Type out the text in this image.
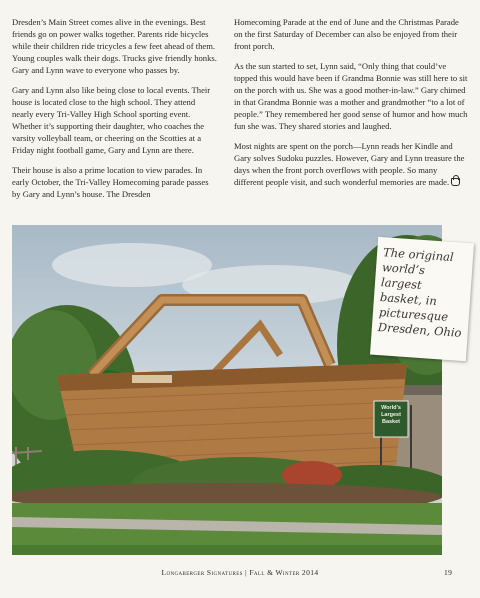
Dresden’s Main Street comes alive in the evenings. Best friends go on power walks together. Parents ride bicycles while their children ride tricycles a few feet ahead of them. Young couples walk their dogs. Trucks give friendly honks. Gary and Lynn wave to everyone who passes by.

Gary and Lynn also like being close to local events. Their house is located close to the high school. They attend nearly every Tri-Valley High School sporting event. Whether it’s supporting their daughter, who coaches the varsity volleyball team, or cheering on the Scotties at a Friday night football game, Gary and Lynn are there.

Their house is also a prime location to view parades. In early October, the Tri-Valley Homecoming parade passes by Gary and Lynn’s house. The Dresden

Homecoming Parade at the end of June and the Christmas Parade on the first Saturday of December can also be enjoyed from their front porch.

As the sun started to set, Lynn said, “Only thing that could’ve topped this would have been if Grandma Bonnie was still here to sit on the porch with us. She was a good mother-in-law.” Gary chimed in that Grandma Bonnie was a mother and grandmother “to a lot of people.” They remembered her good sense of humor and how much fun she was. They shared stories and laughed.

Most nights are spent on the porch—Lynn reads her Kindle and Gary solves Sudoku puzzles. However, Gary and Lynn treasure the days when the front porch overflows with people. So many different people visit, and such wonderful memories are made.

World’s Largest Basket
The original world’s largest basket, in picturesque Dresden, Ohio
Longaberger Signatures | Fall & Winter 2014	19
